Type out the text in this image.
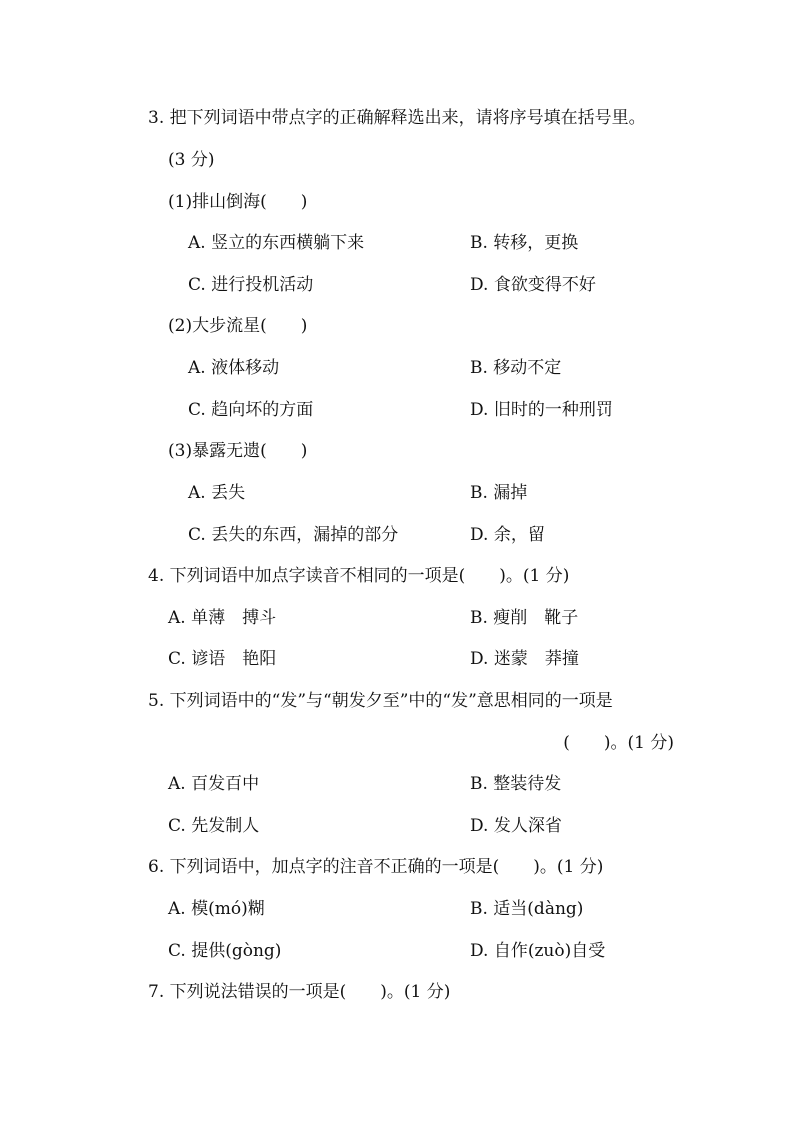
3. 把下列词语中带点字的正确解释选出来，请将序号填在括号里。
(3 分)
(1)排山倒海(　　)
A. 竖立的东西横躺下来	B. 转移，更换
C. 进行投机活动	D. 食欲变得不好
(2)大步流星(　　)
A. 液体移动	B. 移动不定
C. 趋向坏的方面	D. 旧时的一种刑罚
(3)暴露无遗(　　)
A. 丢失	B. 漏掉
C. 丢失的东西，漏掉的部分	D. 余，留
4. 下列词语中加点字读音不相同的一项是(　　)。(1 分)
A. 单薄　搏斗	B. 瘦削　靴子
C. 谚语　艳阳	D. 迷蒙　莽撞
5. 下列词语中的“发”与“朝发夕至”中的“发”意思相同的一项是
(　　)。(1 分)
A. 百发百中	B. 整装待发
C. 先发制人	D. 发人深省
6. 下列词语中，加点字的注音不正确的一项是(　　)。(1 分)
A. 模(mó)糊	B. 适当(dàng)
C. 提供(gòng)	D. 自作(zuò)自受
7. 下列说法错误的一项是(　　)。(1 分)
